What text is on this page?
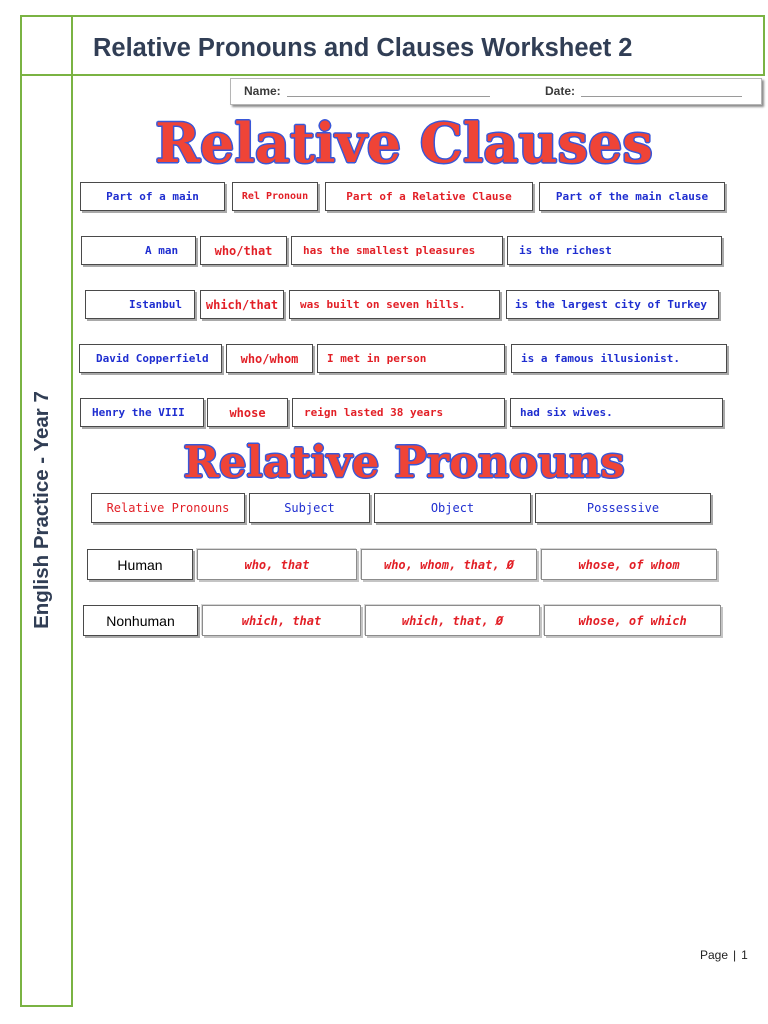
Relative Pronouns and Clauses Worksheet 2
English Practice - Year 7
Name:	Date:
Relative Clauses
Part of a main	Rel Pronoun	Part of a Relative Clause	Part of the main clause
A man	who/that	has the smallest pleasures	is the richest
Istanbul	which/that	was built on seven hills.	is the largest city of Turkey
David Copperfield	who/whom	I met in person	is a famous illusionist.
Henry the VIII	whose	reign lasted 38 years	had six wives.
Relative Pronouns
Relative Pronouns	Subject	Object	Possessive
Human	who, that	who, whom, that, Ø	whose, of whom
Nonhuman	which, that	which, that, Ø	whose, of which
Page | 1
